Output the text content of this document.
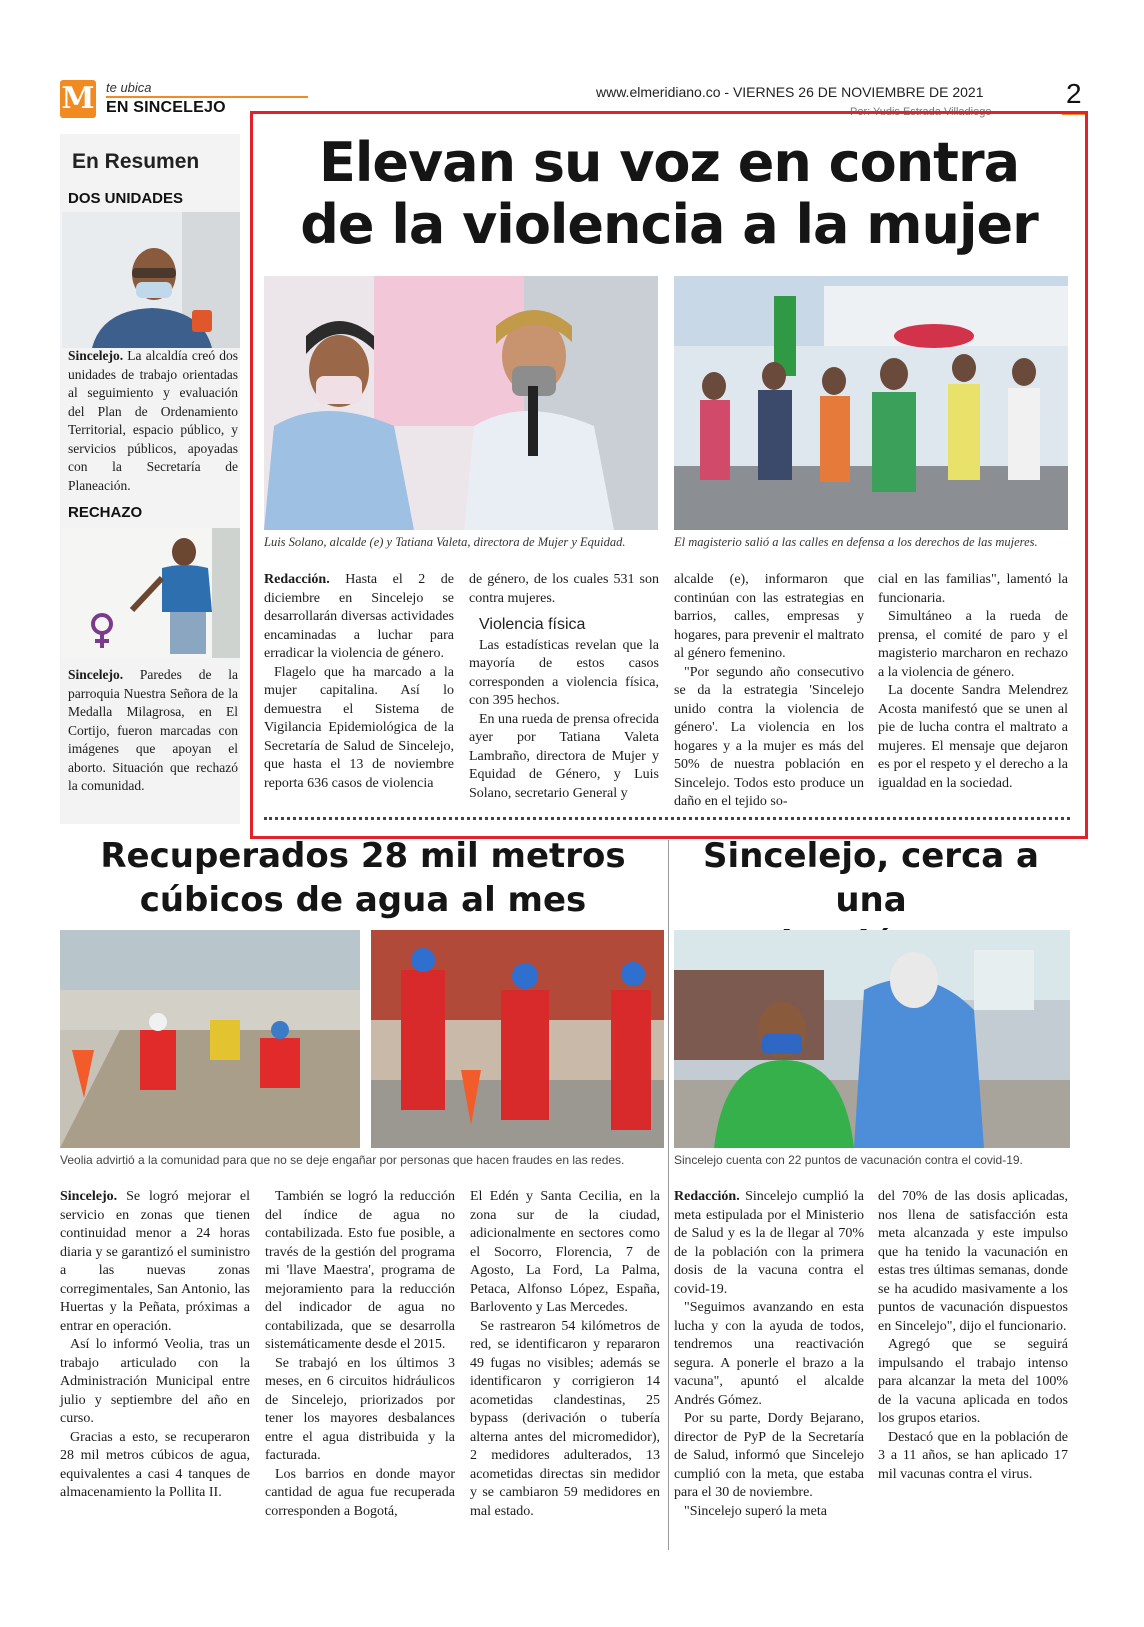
M te ubica
EN SINCELEJO
www.elmeridiano.co - VIERNES 26 DE NOVIEMBRE DE 2021	2
Por: Yudis Estrada Villadiego
En Resumen
DOS UNIDADES
Sincelejo. La alcaldía creó dos unidades de trabajo orientadas al seguimiento y evaluación del Plan de Ordenamiento Territorial, espacio público, y servicios públicos, apoyadas con la Secretaría de Planeación.
RECHAZO
Sincelejo. Paredes de la parroquia Nuestra Señora de la Medalla Milagrosa, en El Cortijo, fueron marcadas con imágenes que apoyan el aborto. Situación que rechazó la comunidad.
Elevan su voz en contra
de la violencia a la mujer
Luis Solano, alcalde (e) y Tatiana Valeta, directora de Mujer y Equidad.	El magisterio salió a las calles en defensa a los derechos de las mujeres.

Redacción. Hasta el 2 de diciembre en Sincelejo se desarrollarán diversas actividades encaminadas a luchar para erradicar la violencia de género.

Flagelo que ha marcado a la mujer capitalina. Así lo demuestra el Sistema de Vigilancia Epidemiológica de la Secretaría de Salud de Sincelejo, que hasta el 13 de noviembre reporta 636 casos de violencia

de género, de los cuales 531 son contra mujeres.

Violencia física

Las estadísticas revelan que la mayoría de estos casos corresponden a violencia física, con 395 hechos.

En una rueda de prensa ofrecida ayer por Tatiana Valeta Lambraño, directora de Mujer y Equidad de Género, y Luis Solano, secretario General y

alcalde (e), informaron que continúan con las estrategias en barrios, calles, empresas y hogares, para prevenir el maltrato al género femenino.

"Por segundo año consecutivo se da la estrategia 'Sincelejo unido contra la violencia de género'. La violencia en los hogares y a la mujer es más del 50% de nuestra población en Sincelejo. Todos esto produce un daño en el tejido so-

cial en las familias", lamentó la funcionaria.

Simultáneo a la rueda de prensa, el comité de paro y el magisterio marcharon en rechazo a la violencia de género.

La docente Sandra Melendrez Acosta manifestó que se unen al pie de lucha contra el maltrato a mujeres. El mensaje que dejaron es por el respeto y el derecho a la igualdad en la sociedad.

Recuperados 28 mil metros
cúbicos de agua al mes
Veolia advirtió a la comunidad para que no se deje engañar por personas que hacen fraudes en las redes.

Sincelejo. Se logró mejorar el servicio en zonas que tienen continuidad menor a 24 horas diaria y se garantizó el suministro a las nuevas zonas corregimentales, San Antonio, las Huertas y la Peñata, próximas a entrar en operación.

Así lo informó Veolia, tras un trabajo articulado con la Administración Municipal entre julio y septiembre del año en curso.

Gracias a esto, se recuperaron 28 mil metros cúbicos de agua, equivalentes a casi 4 tanques de almacenamiento la Pollita II.

También se logró la reducción del índice de agua no contabilizada. Esto fue posible, a través de la gestión del programa mi 'llave Maestra', programa de mejoramiento para la reducción del indicador de agua no contabilizada, que se desarrolla sistemáticamente desde el 2015.

Se trabajó en los últimos 3 meses, en 6 circuitos hidráulicos de Sincelejo, priorizados por tener los mayores desbalances entre el agua distribuida y la facturada.

Los barrios en donde mayor cantidad de agua fue recuperada corresponden a Bogotá,

El Edén y Santa Cecilia, en la zona sur de la ciudad, adicionalmente en sectores como el Socorro, Florencia, 7 de Agosto, La Ford, La Palma, Petaca, Alfonso López, España, Barlovento y Las Mercedes.

Se rastrearon 54 kilómetros de red, se identificaron y repararon 49 fugas no visibles; además se identificaron y corrigieron 14 acometidas clandestinas, 25 bypass (derivación o tubería alterna antes del micromedidor), 2 medidores adulterados, 13 acometidas directas sin medidor y se cambiaron 59 medidores en mal estado.

Sincelejo, cerca a una
Sincelejo cuenta con 22 puntos de vacunación contra el covid-19.

Redacción. Sincelejo cumplió la meta estipulada por el Ministerio de Salud y es la de llegar al 70% de la población con la primera dosis de la vacuna contra el covid-19.

"Seguimos avanzando en esta lucha y con la ayuda de todos, tendremos una reactivación segura. A ponerle el brazo a la vacuna", apuntó el alcalde Andrés Gómez.

Por su parte, Dordy Bejarano, director de PyP de la Secretaría de Salud, informó que Sincelejo cumplió con la meta, que estaba para el 30 de noviembre.

"Sincelejo superó la meta

del 70% de las dosis aplicadas, nos llena de satisfacción esta meta alcanzada y este impulso que ha tenido la vacunación en estas tres últimas semanas, donde se ha acudido masivamente a los puntos de vacunación dispuestos en Sincelejo", dijo el funcionario.

Agregó que se seguirá impulsando el trabajo intenso para alcanzar la meta del 100% de la vacuna aplicada en todos los grupos etarios.

Destacó que en la población de 3 a 11 años, se han aplicado 17 mil vacunas contra el virus.
